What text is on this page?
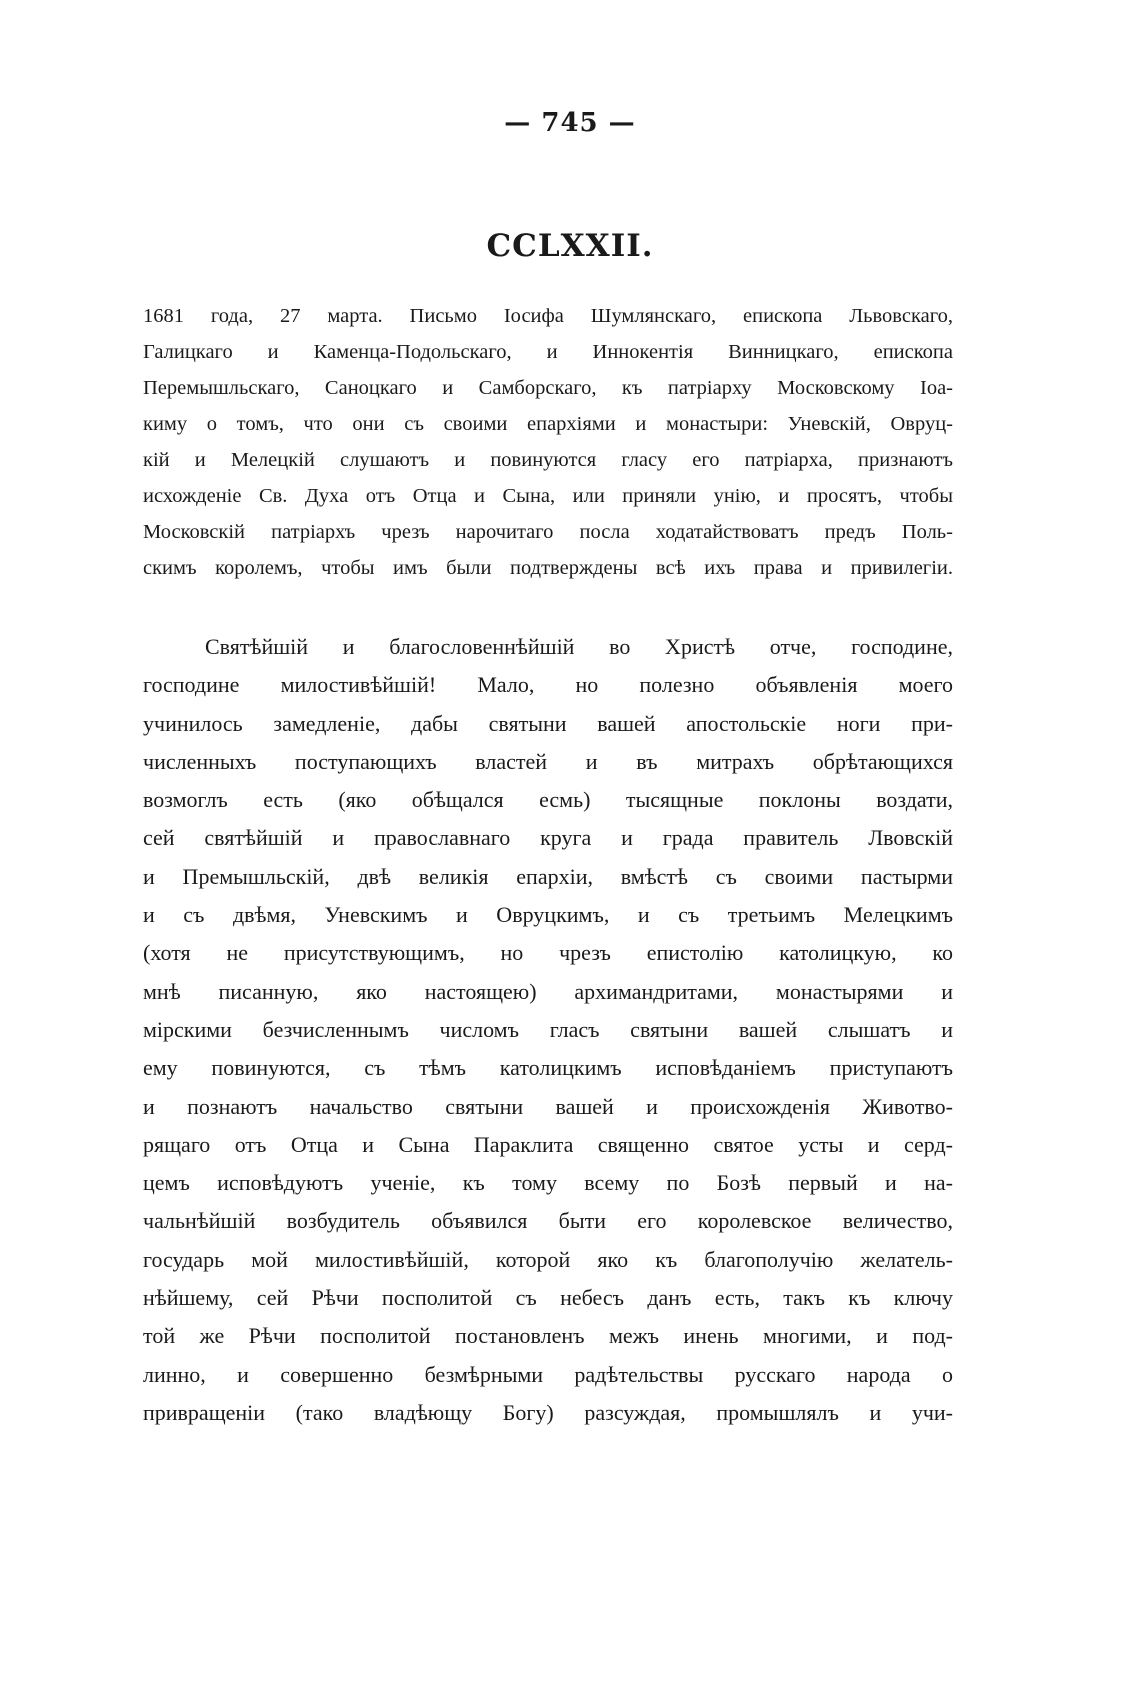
— 745 —
CCLXXII.
1681 года, 27 марта. Письмо Іосифа Шумлянскаго, епископа Львовскаго,
Галицкаго и Каменца-Подольскаго, и Иннокентія Винницкаго, епископа
Перемышльскаго, Саноцкаго и Самборскаго, къ патріарху Московскому Іоа-
киму о томъ, что они съ своими епархіями и монастыри: Уневскій, Овруц-
кій и Мелецкій слушаютъ и повинуются гласу его патріарха, признаютъ
исхожденіе Св. Духа отъ Отца и Сына, или приняли унію, и просятъ, чтобы
Московскій патріархъ чрезъ нарочитаго посла ходатайствоватъ предъ Поль-
скимъ королемъ, чтобы имъ были подтверждены всѣ ихъ права и привилегіи.
Святѣйшій и благословеннѣйшій во Христѣ отче, господине,
господине милостивѣйшій! Мало, но полезно объявленія моего
учинилось замедленіе, дабы святыни вашей апостольскіе ноги при-
численныхъ поступающихъ властей и въ митрахъ обрѣтающихся
возмоглъ есть (яко обѣщался есмь) тысящные поклоны воздати,
сей святѣйшій и православнаго круга и града правитель Лвовскій
и Премышльскій, двѣ великія епархіи, вмѣстѣ съ своими пастырми
и съ двѣмя, Уневскимъ и Овруцкимъ, и съ третьимъ Мелецкимъ
(хотя не присутствующимъ, но чрезъ епистолію католицкую, ко
мнѣ писанную, яко настоящею) архимандритами, монастырями и
мірскими безчисленнымъ числомъ гласъ святыни вашей слышатъ и
ему повинуются, съ тѣмъ католицкимъ исповѣданіемъ приступаютъ
и познаютъ начальство святыни вашей и происхожденія Животво-
рящаго отъ Отца и Сына Параклита священно святое усты и серд-
цемъ исповѣдуютъ ученіе, къ тому всему по Бозѣ первый и на-
чальнѣйшій возбудитель объявился быти его королевское величество,
государь мой милостивѣйшій, которой яко къ благополучію желатель-
нѣйшему, сей Рѣчи посполитой съ небесъ данъ есть, такъ къ ключу
той же Рѣчи посполитой постановленъ межъ инень многими, и под-
линно, и совершенно безмѣрными радѣтельствы русскаго народа о
привращеніи (тако владѣющу Богу) разсуждая, промышлялъ и учи-
